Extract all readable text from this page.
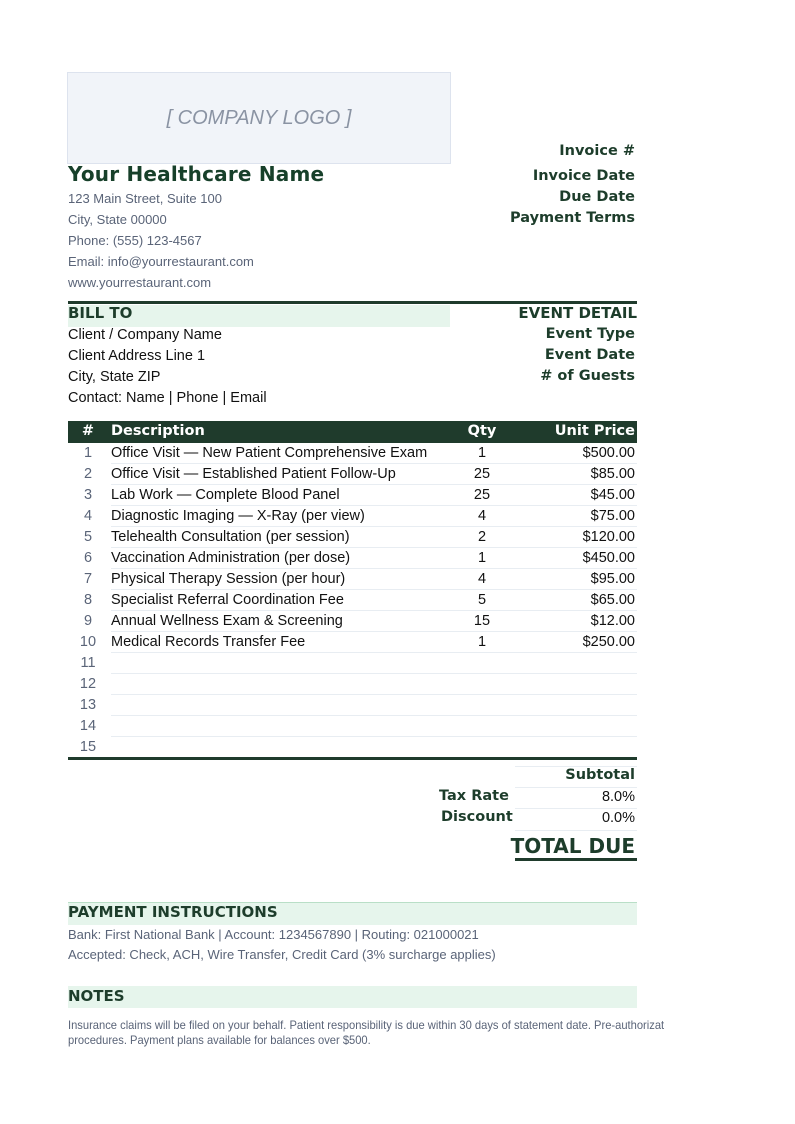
[ COMPANY LOGO ]
Your Healthcare Name
123 Main Street, Suite 100
City, State 00000
Phone: (555) 123-4567
Email: info@yourrestaurant.com
www.yourrestaurant.com
Invoice #
Invoice Date
Due Date
Payment Terms
BILL TO	EVENT DETAIL
Client / Company Name
Client Address Line 1
City, State ZIP
Contact: Name | Phone | Email
Event Type
Event Date
# of Guests
#	Description	Qty	Unit Price
1	Office Visit — New Patient Comprehensive Exam	1	$500.00
2	Office Visit — Established Patient Follow-Up	25	$85.00
3	Lab Work — Complete Blood Panel	25	$45.00
4	Diagnostic Imaging — X-Ray (per view)	4	$75.00
5	Telehealth Consultation (per session)	2	$120.00
6	Vaccination Administration (per dose)	1	$450.00
7	Physical Therapy Session (per hour)	4	$95.00
8	Specialist Referral Coordination Fee	5	$65.00
9	Annual Wellness Exam & Screening	15	$12.00
10	Medical Records Transfer Fee	1	$250.00
11
12
13
14
15
Subtotal
Tax Rate	8.0%
Discount	0.0%
TOTAL DUE
PAYMENT INSTRUCTIONS
Bank: First National Bank | Account: 1234567890 | Routing: 021000021
Accepted: Check, ACH, Wire Transfer, Credit Card (3% surcharge applies)
NOTES
Insurance claims will be filed on your behalf. Patient responsibility is due within 30 days of statement date. Pre-authorizat
procedures. Payment plans available for balances over $500.
